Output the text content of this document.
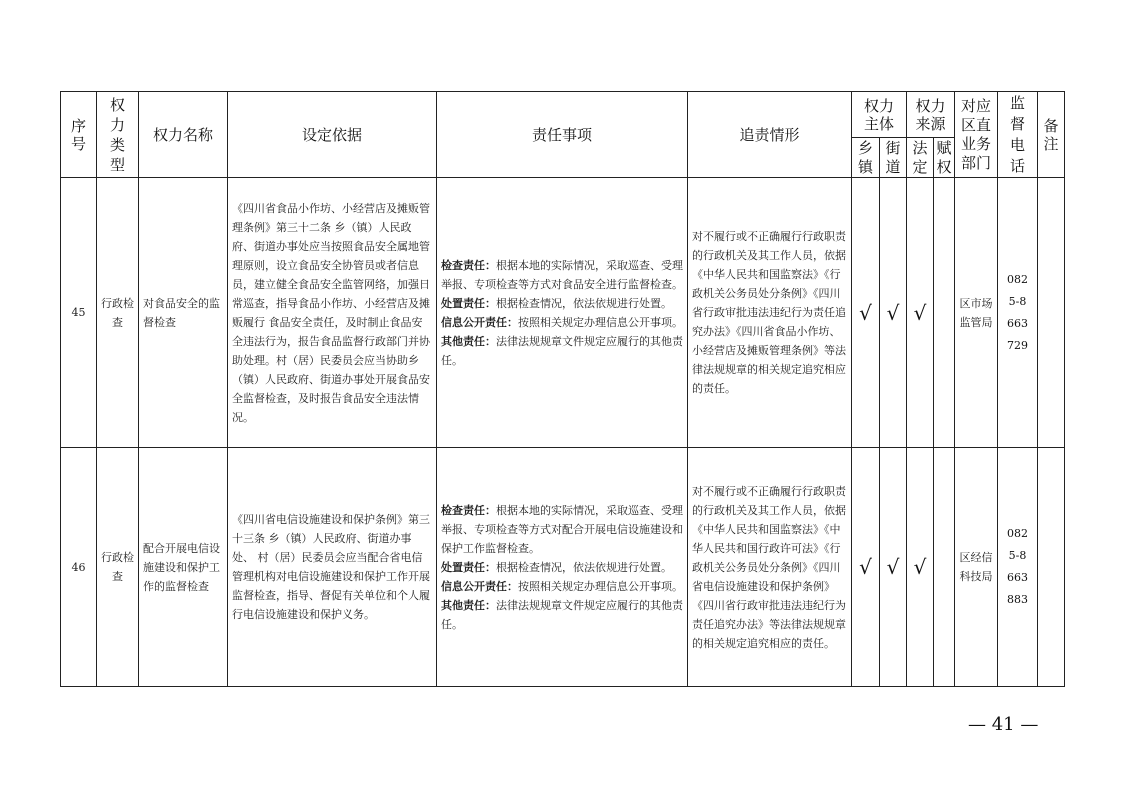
序号	权力类型	权力名称	设定依据	责任事项	追责情形	权力主体		权力来源		对应区直业务部门	监督电话	备注

						乡镇	街道	法定	赋权			

45	行政检查	对食品安全的监督检查	《四川省食品小作坊、小经营店及摊贩管理条例》第三十二条 乡（镇）人民政府、街道办事处应当按照食品安全属地管理原则，设立食品安全协管员或者信息员，建立健全食品安全监管网络，加强日常巡查，指导食品小作坊、小经营店及摊贩履行 食品安全责任，及时制止食品安全违法行为，报告食品监督行政部门并协助处理。村（居）民委员会应当协助乡（镇）人民政府、街道办事处开展食品安全监督检查，及时报告食品安全违法情况。	检查责任：根据本地的实际情况，采取巡查、受理举报、专项检查等方式对食品安全进行监督检查。

处置责任：根据检查情况，依法依规进行处置。

信息公开责任：按照相关规定办理信息公开事项。

其他责任：法律法规规章文件规定应履行的其他责任。	对不履行或不正确履行行政职责的行政机关及其工作人员，依据《中华人民共和国监察法》《行政机关公务员处分条例》《四川省行政审批违法违纪行为责任追究办法》《四川省食品小作坊、小经营店及摊贩管理条例》等法律法规规章的相关规定追究相应的责任。	√	√	√		区市场监管局	0825-8663729	

46	行政检查	配合开展电信设施建设和保护工作的监督检查	《四川省电信设施建设和保护条例》第三十三条 乡（镇）人民政府、街道办事处、 村（居）民委员会应当配合省电信管理机构对电信设施建设和保护工作开展监督检查，指导、督促有关单位和个人履行电信设施建设和保护义务。	检查责任：根据本地的实际情况，采取巡查、受理举报、专项检查等方式对配合开展电信设施建设和保护工作监督检查。

处置责任：根据检查情况，依法依规进行处置。

信息公开责任：按照相关规定办理信息公开事项。

其他责任：法律法规规章文件规定应履行的其他责任。	对不履行或不正确履行行政职责的行政机关及其工作人员，依据《中华人民共和国监察法》《中华人民共和国行政许可法》《行政机关公务员处分条例》《四川省电信设施建设和保护条例》《四川省行政审批违法违纪行为责任追究办法》等法律法规规章的相关规定追究相应的责任。	√	√	√		区经信科技局	0825-8663883	

— 41 —
